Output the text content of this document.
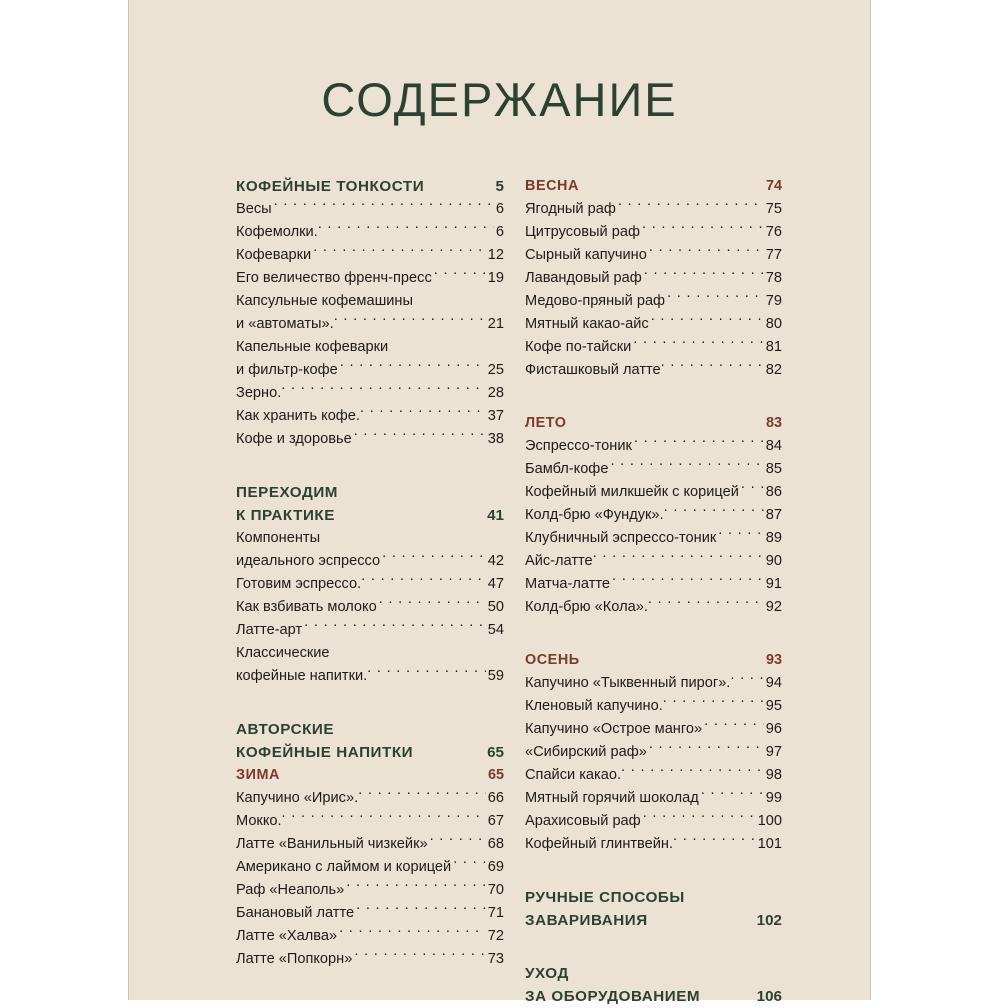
СОДЕРЖАНИЕ
КОФЕЙНЫЕ ТОНКОСТИ	5
Весы . . .	6
Кофемолки. . . .	6
Кофеварки . . .	12
Его величество френч-пресс . . .	19
Капсульные кофемашины
и «автоматы». . . .	21
Капельные кофеварки
и фильтр-кофе . . .	25
Зерно. . . .	28
Как хранить кофе. . . .	37
Кофе и здоровье . . .	38
ПЕРЕХОДИМ
К ПРАКТИКЕ	41
Компоненты
идеального эспрессо . . .	42
Готовим эспрессо. . . .	47
Как взбивать молоко . . .	50
Латте-арт . . .	54
Классические
кофейные напитки. . . .	59
АВТОРСКИЕ
КОФЕЙНЫЕ НАПИТКИ	65
ЗИМА	65
Капучино «Ирис». . . .	66
Мокко. . . .	67
Латте «Ванильный чизкейк» . . .	68
Американо с лаймом и корицей . . .	69
Раф «Неаполь» . . .	70
Банановый латте . . .	71
Латте «Халва» . . .	72
Латте «Попкорн» . . .	73
ВЕСНА	74
Ягодный раф . . .	75
Цитрусовый раф . . .	76
Сырный капучино . . .	77
Лавандовый раф . . .	78
Медово-пряный раф . . .	79
Мятный какао-айс . . .	80
Кофе по-тайски . . .	81
Фисташковый латте . . .	82
ЛЕТО	83
Эспрессо-тоник . . .	84
Бамбл-кофе . . .	85
Кофейный милкшейк с корицей . . . 86
Колд-брю «Фундук». . . .	87
Клубничный эспрессо-тоник . . .	89
Айс-латте . . .	90
Матча-латте . . .	91
Колд-брю «Кола». . . .	92
ОСЕНЬ	93
Капучино «Тыквенный пирог». . . . 94
Кленовый капучино. . . .	95
Капучино «Острое манго» . . .	96
«Сибирский раф» . . .	97
Спайси какао. . . .	98
Мятный горячий шоколад . . .	99
Арахисовый раф . . .	100
Кофейный глинтвейн. . . .	101
РУЧНЫЕ СПОСОБЫ
ЗАВАРИВАНИЯ	102
УХОД
ЗА ОБОРУДОВАНИЕМ	106
